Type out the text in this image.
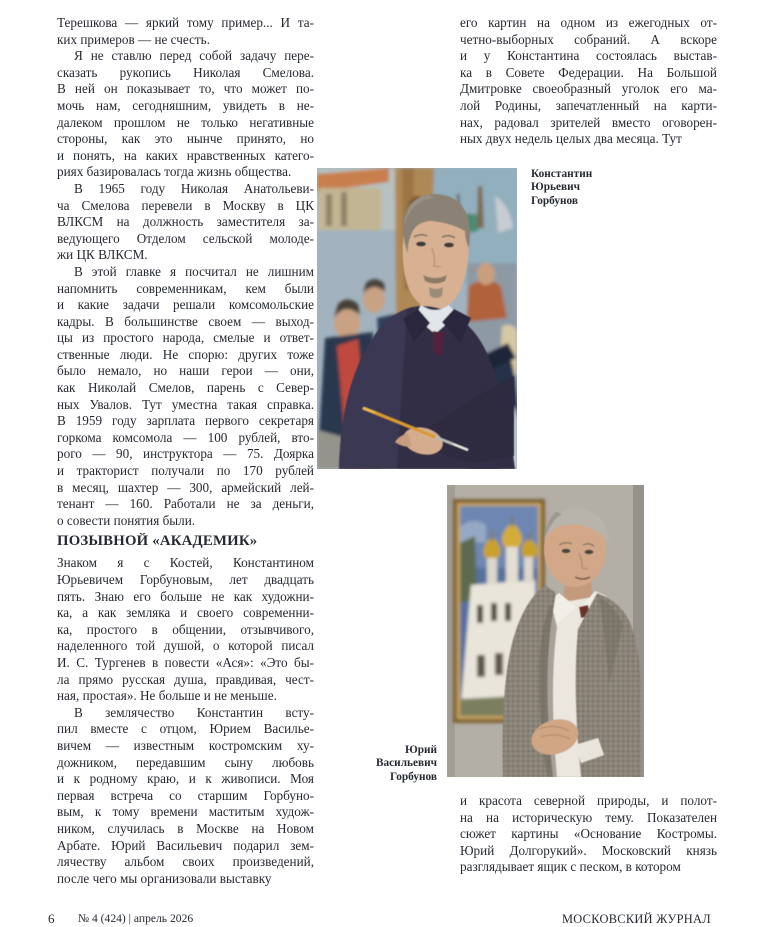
Терешкова — яркий тому пример... И та-
ких примеров — не счесть.
Я не ставлю перед собой задачу пере-
сказать рукопись Николая Смелова.
В ней он показывает то, что может по-
мочь нам, сегодняшним, увидеть в не-
далеком прошлом не только негативные
стороны, как это нынче принято, но
и понять, на каких нравственных катего-
риях базировалась тогда жизнь общества.
В 1965 году Николая Анатольеви-
ча Смелова перевели в Москву в ЦК
ВЛКСМ на должность заместителя за-
ведующего Отделом сельской молоде-
жи ЦК ВЛКСМ.
В этой главке я посчитал не лишним
напомнить современникам, кем были
и какие задачи решали комсомольские
кадры. В большинстве своем — выход-
цы из простого народа, смелые и ответ-
ственные люди. Не спорю: других тоже
было немало, но наши герои — они,
как Николай Смелов, парень с Север-
ных Увалов. Тут уместна такая справка.
В 1959 году зарплата первого секретаря
горкома комсомола — 100 рублей, вто-
рого — 90, инструктора — 75. Доярка
и тракторист получали по 170 рублей
в месяц, шахтер — 300, армейский лей-
тенант — 160. Работали не за деньги,
о совести понятия были.
ПОЗЫВНОЙ «АКАДЕМИК»
Знаком я с Костей, Константином
Юрьевичем Горбуновым, лет двадцать
пять. Знаю его больше не как художни-
ка, а как земляка и своего современни-
ка, простого в общении, отзывчивого,
наделенного той душой, о которой писал
И. С. Тургенев в повести «Ася»: «Это бы-
ла прямо русская душа, правдивая, чест-
ная, простая». Не больше и не меньше.
В землячество Константин всту-
пил вместе с отцом, Юрием Василье-
вичем — известным костромским ху-
дожником, передавшим сыну любовь
и к родному краю, и к живописи. Моя
первая встреча со старшим Горбуно-
вым, к тому времени маститым худож-
ником, случилась в Москве на Новом
Арбате. Юрий Васильевич подарил зем-
лячеству альбом своих произведений,
после чего мы организовали выставку
его картин на одном из ежегодных от-
четно-выборных собраний. А вскоре
и у Константина состоялась выстав-
ка в Совете Федерации. На Большой
Дмитровке своеобразный уголок его ма-
лой Родины, запечатленный на карти-
нах, радовал зрителей вместо оговорен-
ных двух недель целых два месяца. Тут
Константин
Юрьевич
Горбунов
Юрий
Васильевич
Горбунов
и красота северной природы, и полот-
на на историческую тему. Показателен
сюжет картины «Основание Костромы.
Юрий Долгорукий». Московский князь
разглядывает ящик с песком, в котором
6 № 4 (424) | апрель 2026	МОСКОВСКИЙ ЖУРНАЛ
